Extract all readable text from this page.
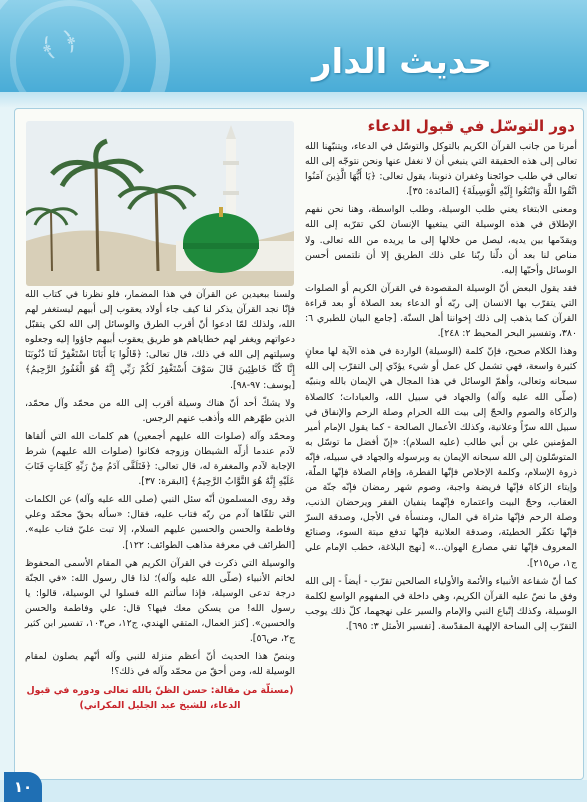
﴾ ﴿	حديث الدار
دور التوسّل في قبول الدعاء

أمرنا من جانب القرآن الكريم بالتوكل والتوسّل في الدعاء، ويتنبّهنا الله تعالى إلى هذه الحقيقة التي ينبغي أن لا نغفل عنها ونحن نتوجّه إلى الله تعالى في طلب حوائجنا وغفران ذنوبنا، يقول تعالى: ﴿يَا أَيُّهَا الَّذِينَ آمَنُوا اتَّقُوا اللَّهَ وَابْتَغُوا إِلَيْهِ الْوَسِيلَةَ﴾ [المائدة: ٣٥].

ومعنى الابتغاء يعني طلب الوسيلة، وطلب الواسطة، وهنا نحن نفهم الإطلاق في هذه الوسيلة التي يبتغيها الإنسان لكي تقرّبه إلى الله ويقدّمها بين يديه، ليصل من خلالها إلى ما يريده من الله تعالى. ولا مناص لنا بعد أن دلّنا ربّنا على ذلك الطريق إلا أن نلتمس أحسن الوسائل وأحبّها إليه.

فقد يقول البعض أنّ الوسيلة المقصودة في القرآن الكريم أو الصلوات التي يتقرّب بها الانسان إلى ربّه أو الدعاء بعد الصلاة أو بعد قراءة القرآن كما يذهب إلى ذلك إخواننا أهل السنّة. [جامع البيان للطبري ٦: ٣٨٠، وتفسير البحر المحيط ٢: ٢٤٨].

وهذا الكلام صحيح، فإنّ كلمة (الوسيلة) الواردة في هذه الآية لها معانٍ كثيرة واسعة، فهي تشمل كل عمل أو شيء يؤدّي إلى التقرّب إلى الله سبحانه وتعالى، وأهمّ الوسائل في هذا المجال هي الإيمان بالله وبنبيّه (صلّى الله عليه وآله) والجهاد في سبيل الله، والعبادات؛ كالصلاة والزكاة والصوم والحجّ إلى بيت الله الحرام وصلة الرحم والإنفاق في سبيل الله سرّاً وعلانية، وكذلك الأعمال الصالحة - كما يقول الإمام أمير المؤمنين علي بن أبي طالب (عليه السلام): «إنّ أفضل ما توسّل به المتوسّلون إلى الله سبحانه الإيمان به وبرسوله والجهاد في سبيله، فإنّه ذروة الإسلام، وكلمة الإخلاص فإنّها الفطرة، وإقام الصلاة فإنّها الملّة، وإيتاء الزكاة فإنّها فريضة واجبة، وصوم شهر رمضان فإنّه جنّة من العقاب، وحجّ البيت واعتماره فإنّهما ينفيان الفقر ويرحضان الذنب، وصلة الرحم فإنّها مثراة في المال، ومنسأة في الأجل، وصدقة السرّ فإنّها تكفّر الخطيئة، وصدقة العلانية فإنّها تدفع ميتة السوء، وصنائع المعروف فإنّها تقي مصارع الهوان...» [نهج البلاغة، خطب الإمام علي ج١، ص٢١٥].

كما أنّ شفاعة الأنبياء والأئمة والأولياء الصالحين تقرّب - أيضاً - إلى الله وفق ما نصّ عليه القرآن الكريم، وهي داخلة في المفهوم الواسع لكلمة الوسيلة، وكذلك إتّباع النبي والإمام والسير على نهجهما، كلّ ذلك يوجب التقرّب إلى الساحة الإلهية المقدّسة. [تفسير الأمثل ٣: ٦٩٥].

ولسنا ببعيدين عن القرآن في هذا المضمار، فلو نظرنا في كتاب الله فإنّا نجد القرآن يذكر لنا كيف جاء أولاد يعقوب إلى أبيهم ليستغفر لهم الله، ولذلك لمّا ادعوا أنّ أقرب الطرق والوسائل إلى الله لكي يتقبّل دعواتهم ويغفر لهم خطاياهم هو طريق يعقوب أبيهم جاؤوا إليه وجعلوه وسيلتهم إلى الله في ذلك، قال تعالى: ﴿قَالُوا يَا أَبَانَا اسْتَغْفِرْ لَنَا ذُنُوبَنَا إِنَّا كُنَّا خَاطِئِينَ قَالَ سَوْفَ أَسْتَغْفِرُ لَكُمْ رَبِّي إِنَّهُ هُوَ الْغَفُورُ الرَّحِيمُ﴾ [يوسف: ٩٧-٩٨].

ولا يشكّ أحد أنّ هناك وسيلة أقرب إلى الله من محمّد وآل محمّد، الذين طهّرهم الله وأذهب عنهم الرجس.

ومحمّد وآله (صلوات الله عليهم أجمعين) هم كلمات الله التي ألقاها لآدم عندما أزلّه الشيطان وزوجه فكانوا (صلوات الله عليهم) شرط الإجابة لآدم والمغفرة له، قال تعالى: ﴿فَتَلَقَّى آدَمُ مِنْ رَبِّهِ كَلِمَاتٍ فَتَابَ عَلَيْهِ إِنَّهُ هُوَ التَّوَّابُ الرَّحِيمُ﴾ [البقرة: ٣٧].

وقد روى المسلمون أنّه سئل النبي (صلى الله عليه وآله) عن الكلمات التي تلقّاها آدم من ربّه فتاب عليه، فقال: «سأله بحقّ محمّد وعلي وفاطمة والحسن والحسين عليهم السلام، إلا تبت عليّ فتاب عليه». [الطرائف في معرفة مذاهب الطوائف: ١٢٢].

والوسيلة التي ذكرت في القرآن الكريم هي المقام الأسمى المحفوظ لخاتم الأنبياء (صلّى الله عليه وآله)؛ لذا قال رسول الله: «في الجنّة درجة تدعى الوسيلة، فإذا سألتم الله فسلوا لي الوسيلة، قالوا: يا رسول الله! من يسكن معك فيها؟ قال: علي وفاطمة والحسن والحسين». [كنز العمال، المتقي الهندي، ج١٢، ص١٠٣، تفسير ابن كثير ج٢، ص٥٦].

وبنصّ هذا الحديث أنّ أعظم منزلة للنبي وآله أنّهم يصلون لمقام الوسيلة لله، ومن أحقّ من محمّد وآله في ذلك؟!

(مستلّة من مقالة: حسن الظنّ بالله تعالى ودوره في قبول الدعاء، للشيخ عبد الجليل المكراني)

١٠
